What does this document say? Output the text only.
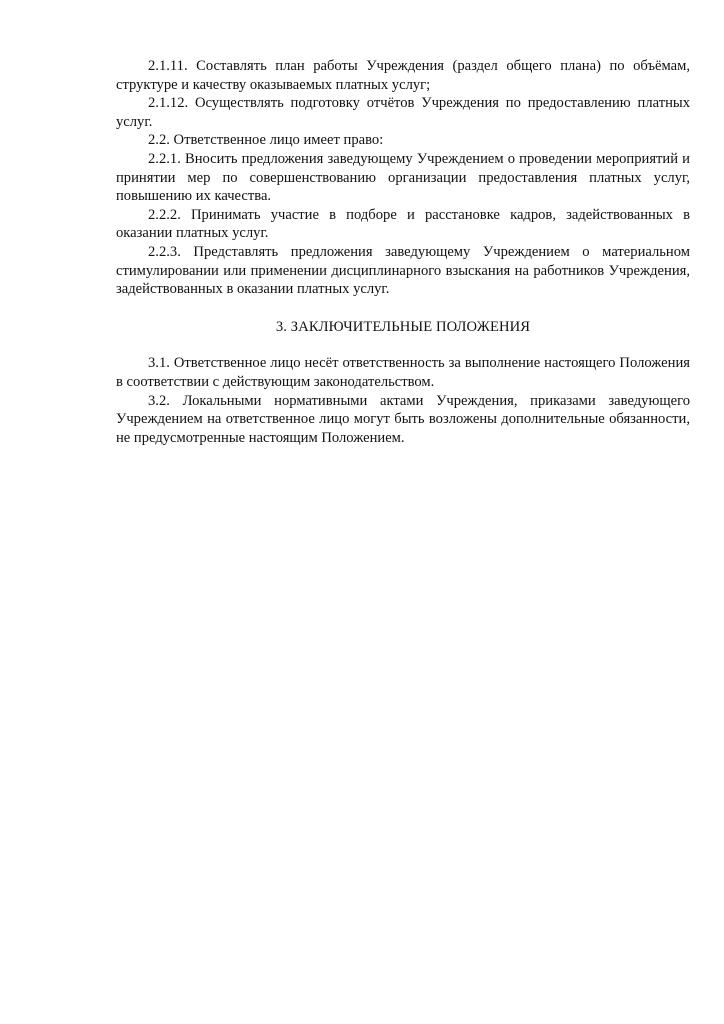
2.1.11. Составлять план работы Учреждения (раздел общего плана) по объёмам, структуре и качеству оказываемых платных услуг;

2.1.12. Осуществлять подготовку отчётов Учреждения по предоставлению платных услуг.

2.2. Ответственное лицо имеет право:

2.2.1. Вносить предложения заведующему Учреждением о проведении мероприятий и принятии мер по совершенствованию организации предоставления платных услуг, повышению их качества.

2.2.2. Принимать участие в подборе и расстановке кадров, задействованных в оказании платных услуг.

2.2.3. Представлять предложения заведующему Учреждением о материальном стимулировании или применении дисциплинарного взыскания на работников Учреждения, задействованных в оказании платных услуг.

3. ЗАКЛЮЧИТЕЛЬНЫЕ ПОЛОЖЕНИЯ

3.1. Ответственное лицо несёт ответственность за выполнение настоящего Положения в соответствии с действующим законодательством.

3.2. Локальными нормативными актами Учреждения, приказами заведующего Учреждением на ответственное лицо могут быть возложены дополнительные обязанности, не предусмотренные настоящим Положением.
